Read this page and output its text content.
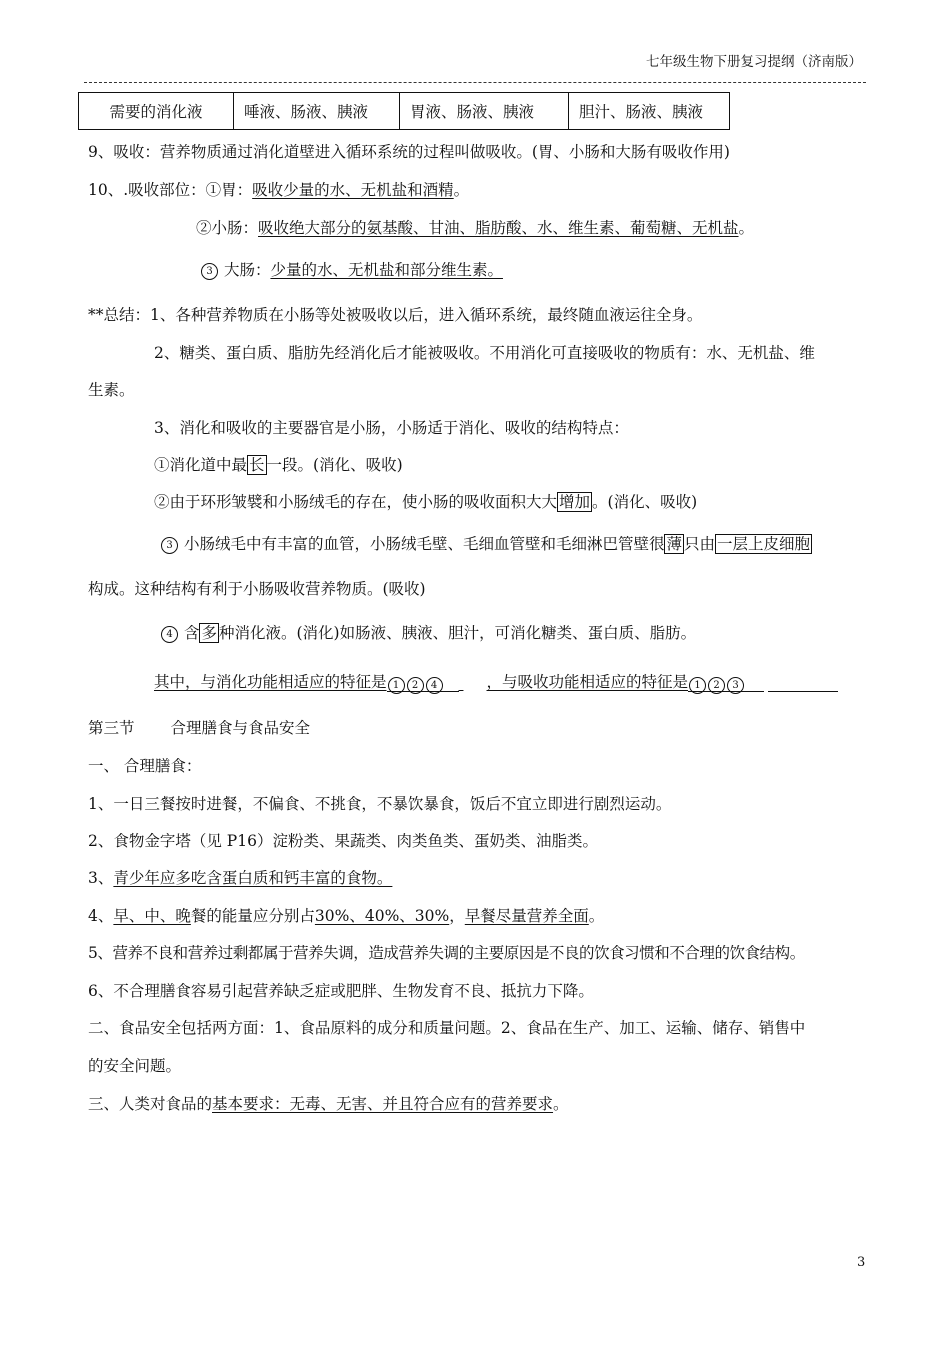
七年级生物下册复习提纲（济南版）
需要的消化液	唾液、肠液、胰液	胃液、肠液、胰液	胆汁、肠液、胰液
9、吸收：营养物质通过消化道壁进入循环系统的过程叫做吸收。(胃、小肠和大肠有吸收作用)
10、.吸收部位：①胃：吸收少量的水、无机盐和酒精。
②小肠：吸收绝大部分的氨基酸、甘油、脂肪酸、水、维生素、葡萄糖、无机盐。
3 大肠：少量的水、无机盐和部分维生素。
**总结：1、各种营养物质在小肠等处被吸收以后，进入循环系统，最终随血液运往全身。
2、糖类、蛋白质、脂肪先经消化后才能被吸收。不用消化可直接吸收的物质有：水、无机盐、维
生素。
3、消化和吸收的主要器官是小肠，小肠适于消化、吸收的结构特点：
①消化道中最 长 一段。(消化、吸收)
②由于环形皱襞和小肠绒毛的存在，使小肠的吸收面积大大 增加 。(消化、吸收)
3 小肠绒毛中有丰富的血管，小肠绒毛壁、毛细血管壁和毛细淋巴管壁很 薄 只由 一层上皮细胞
构成。这种结构有利于小肠吸收营养物质。(吸收)
4 含 多 种消化液。(消化)如肠液、胰液、胆汁，可消化糖类、蛋白质、脂肪。
其中，与消化功能相适应的特征是 1 2 4	，与吸收功能相适应的特征是 1 2 3
第三节 合理膳食与食品安全
一、 合理膳食：
1、一日三餐按时进餐，不偏食、不挑食，不暴饮暴食，饭后不宜立即进行剧烈运动。
2、食物金字塔（见 P16）淀粉类、果蔬类、肉类鱼类、蛋奶类、油脂类。
3、青少年应多吃含蛋白质和钙丰富的食物。
4、早、中、晚餐的能量应分别占30%、40%、30%，早餐尽量营养全面。
5、营养不良和营养过剩都属于营养失调，造成营养失调的主要原因是不良的饮食习惯和不合理的饮食结构。
6、不合理膳食容易引起营养缺乏症或肥胖、生物发育不良、抵抗力下降。
二、食品安全包括两方面：1、食品原料的成分和质量问题。2、食品在生产、加工、运输、储存、销售中
的安全问题。
三、人类对食品的基本要求：无毒、无害、并且符合应有的营养要求。
3
